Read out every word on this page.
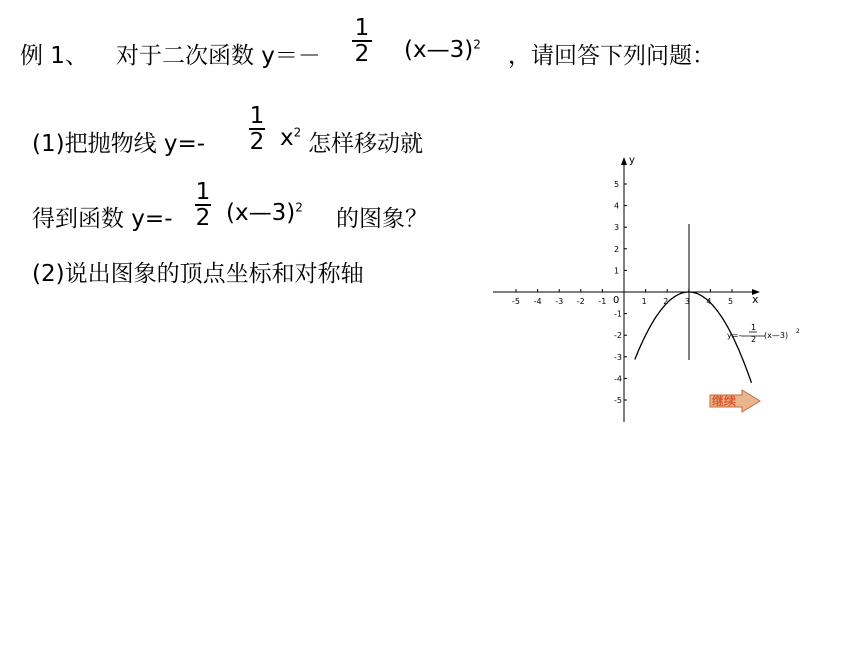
例 1、 对于二次函数 y＝－
1
2 (x—3)$^2$ ，请回答下列问题：
(1)把抛物线 y=-
1
2 $x^2$ 怎样移动就
得到函数 y=-
1
2 (x—3)$^2$ 的图象？
(2)说出图象的顶点坐标和对称轴
x
y
0
-5 -4 -3 -2 -1	1 2 3 4 5
5
4
3
2
1
-1
-2
-3
-4
-5
y=-
1
2 (x—3) 2
继续
